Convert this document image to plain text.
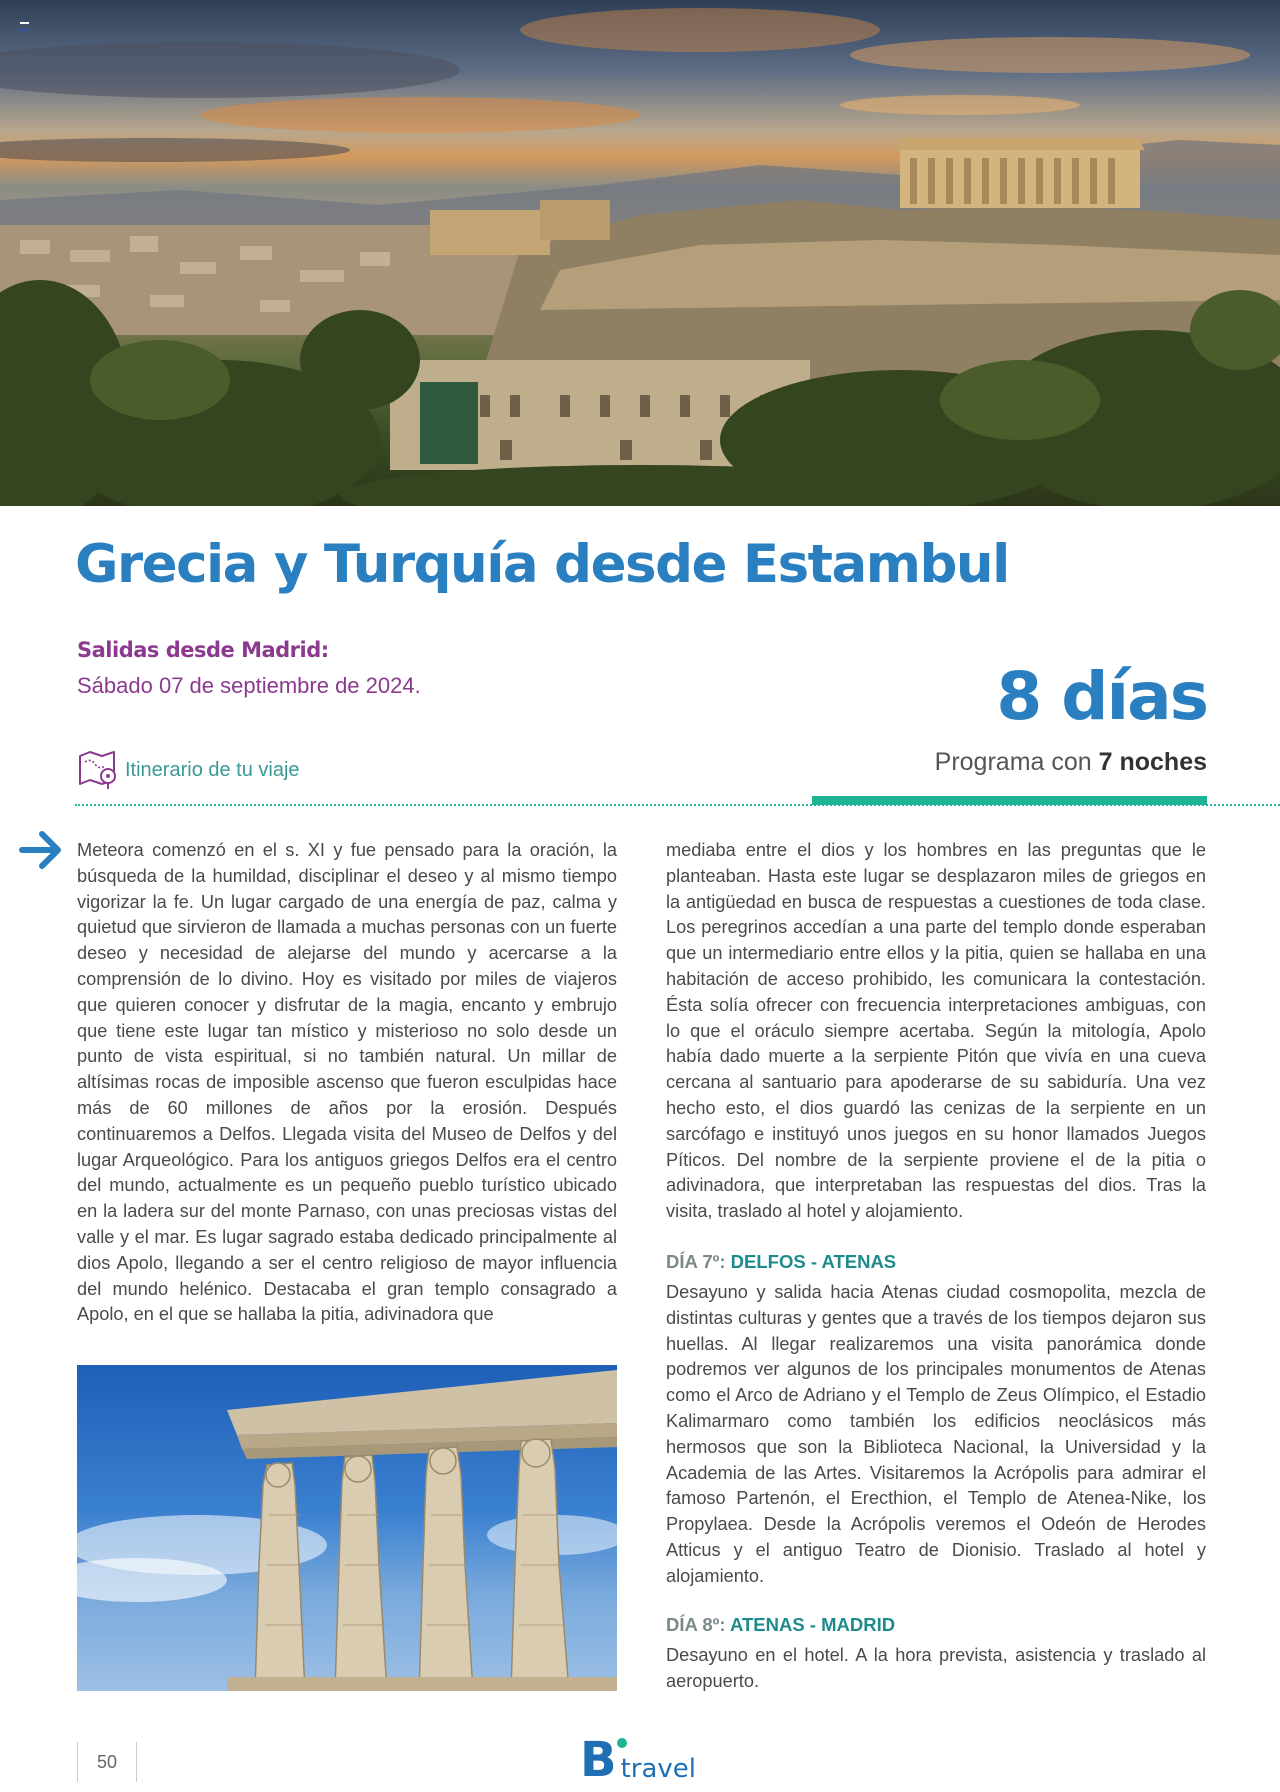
Grecia y Turquía desde Estambul
Salidas desde Madrid:
Sábado 07 de septiembre de 2024.	8 días
Programa con 7 noches
Itinerario de tu viaje

Meteora comenzó en el s. XI y fue pensado para la oración, la búsqueda de la humildad, disciplinar el deseo y al mismo tiempo vigorizar la fe. Un lugar cargado de una energía de paz, calma y quietud que sirvieron de llamada a muchas personas con un fuerte deseo y necesidad de alejarse del mundo y acercarse a la comprensión de lo divino. Hoy es visitado por miles de viajeros que quieren conocer y disfrutar de la magia, encanto y embrujo que tiene este lugar tan místico y misterioso no solo desde un punto de vista espiritual, si no también natural. Un millar de altísimas rocas de imposible ascenso que fueron esculpidas hace más de 60 millones de años por la erosión. Después continuaremos a Delfos. Llegada visita del Museo de Delfos y del lugar Arqueológico. Para los antiguos griegos Delfos era el centro del mundo, actualmente es un pequeño pueblo turístico ubicado en la ladera sur del monte Parnaso, con unas preciosas vistas del valle y el mar. Es lugar sagrado estaba dedicado principalmente al dios Apolo, llegando a ser el centro religioso de mayor influencia del mundo helénico. Destacaba el gran templo consagrado a Apolo, en el que se hallaba la pitia, adivinadora que

mediaba entre el dios y los hombres en las preguntas que le planteaban. Hasta este lugar se desplazaron miles de griegos en la antigüedad en busca de respuestas a cuestiones de toda clase. Los peregrinos accedían a una parte del templo donde esperaban que un intermediario entre ellos y la pitia, quien se hallaba en una habitación de acceso prohibido, les comunicara la contestación. Ésta solía ofrecer con frecuencia interpretaciones ambiguas, con lo que el oráculo siempre acertaba. Según la mitología, Apolo había dado muerte a la serpiente Pitón que vivía en una cueva cercana al santuario para apoderarse de su sabiduría. Una vez hecho esto, el dios guardó las cenizas de la serpiente en un sarcófago e instituyó unos juegos en su honor llamados Juegos Píticos. Del nombre de la serpiente proviene el de la pitia o adivinadora, que interpretaban las respuestas del dios. Tras la visita, traslado al hotel y alojamiento.

DÍA 7º: DELFOS - ATENAS

Desayuno y salida hacia Atenas ciudad cosmopolita, mezcla de distintas culturas y gentes que a través de los tiempos dejaron sus huellas. Al llegar realizaremos una visita panorámica donde podremos ver algunos de los principales monumentos de Atenas como el Arco de Adriano y el Templo de Zeus Olímpico, el Estadio Kalimarmaro como también los edificios neoclásicos más hermosos que son la Biblioteca Nacional, la Universidad y la Academia de las Artes. Visitaremos la Acrópolis para admirar el famoso Partenón, el Erecthion, el Templo de Atenea-Nike, los Propylaea. Desde la Acrópolis veremos el Odeón de Herodes Atticus y el antiguo Teatro de Dionisio. Traslado al hotel y alojamiento.

DÍA 8º: ATENAS - MADRID

Desayuno en el hotel. A la hora prevista, asistencia y traslado al aeropuerto.

50	B travel
